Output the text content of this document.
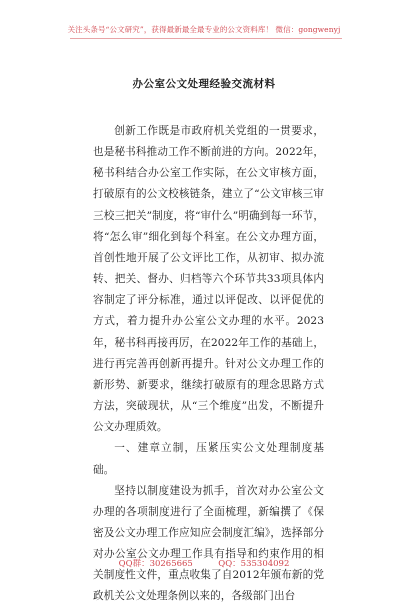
关注头条号“公文研究”，获得最新最全最专业的公文资料库！ 微信：gongwenyj
办公室公文处理经验交流材料

创新工作既是市政府机关党组的一贯要求，也是秘书科推动工作不断前进的方向。2022年，秘书科结合办公室工作实际，在公文审核方面，打破原有的公文校核链条，建立了“公文审核三审三校三把关”制度，将“审什么”明确到每一环节，将“怎么审”细化到每个科室。在公文办理方面，首创性地开展了公文评比工作，从初审、拟办流转、把关、督办、归档等六个环节共33项具体内容制定了评分标准，通过以评促改、以评促优的方式，着力提升办公室公文办理的水平。2023年，秘书科再接再厉，在2022年工作的基础上，进行再完善再创新再提升。针对公文办理工作的新形势、新要求，继续打破原有的理念思路方式方法，突破现状，从“三个维度”出发，不断提升公文办理质效。

一、建章立制，压紧压实公文处理制度基础。

坚持以制度建设为抓手，首次对办公室公文办理的各项制度进行了全面梳理，新编撰了《保密及公文办理工作应知应会制度汇编》，选择部分对办公室公文办理工作具有指导和约束作用的相关制度性文件，重点收集了自2012年颁布新的党政机关公文处理条例以来的，各级部门出台

QQ群：30265665	QQ：535304092
